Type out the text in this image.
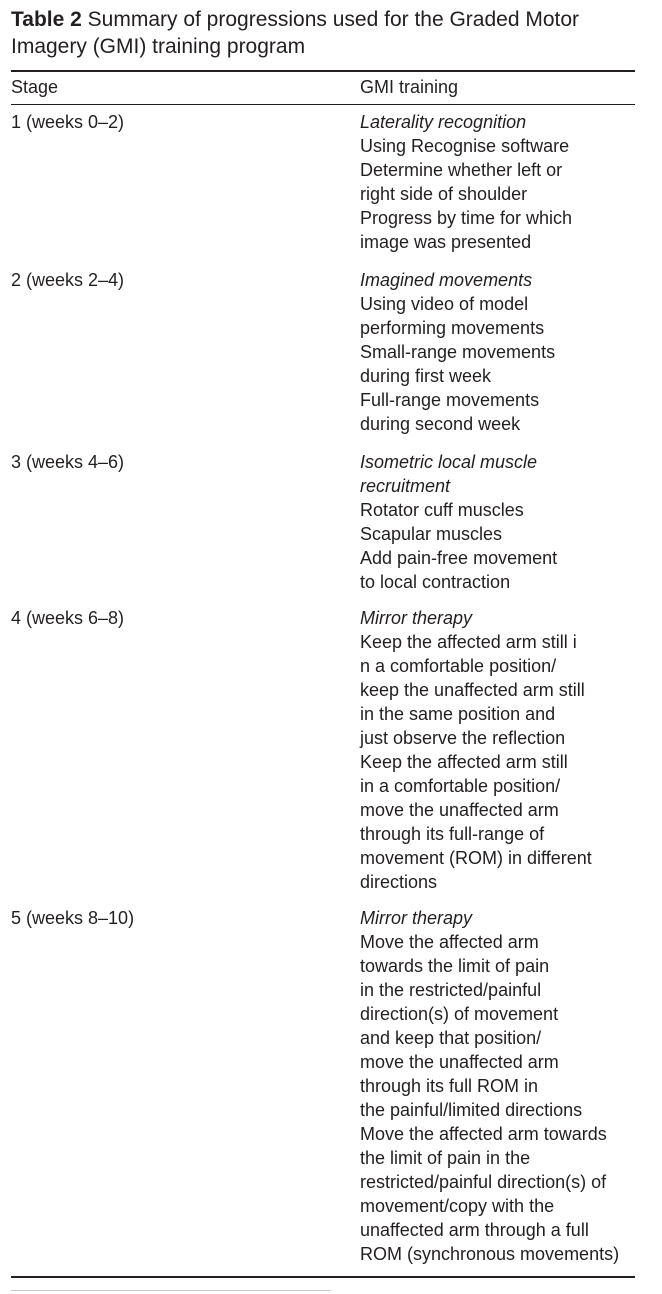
Table 2 Summary of progressions used for the Graded Motor Imagery (GMI) training program
Stage	GMI training
1 (weeks 0–2)	Laterality recognition
Using Recognise software
Determine whether left or
right side of shoulder
Progress by time for which
image was presented
2 (weeks 2–4)	Imagined movements
Using video of model
performing movements
Small-range movements
during first week
Full-range movements
during second week
3 (weeks 4–6)	Isometric local muscle
recruitment
Rotator cuff muscles
Scapular muscles
Add pain-free movement
to local contraction
4 (weeks 6–8)	Mirror therapy
Keep the affected arm still i
n a comfortable position/
keep the unaffected arm still
in the same position and
just observe the reflection
Keep the affected arm still
in a comfortable position/
move the unaffected arm
through its full-range of
movement (ROM) in different
directions
5 (weeks 8–10)	Mirror therapy
Move the affected arm
towards the limit of pain
in the restricted/painful
direction(s) of movement
and keep that position/
move the unaffected arm
through its full ROM in
the painful/limited directions
Move the affected arm towards
the limit of pain in the
restricted/painful direction(s) of
movement/copy with the
unaffected arm through a full
ROM (synchronous movements)
